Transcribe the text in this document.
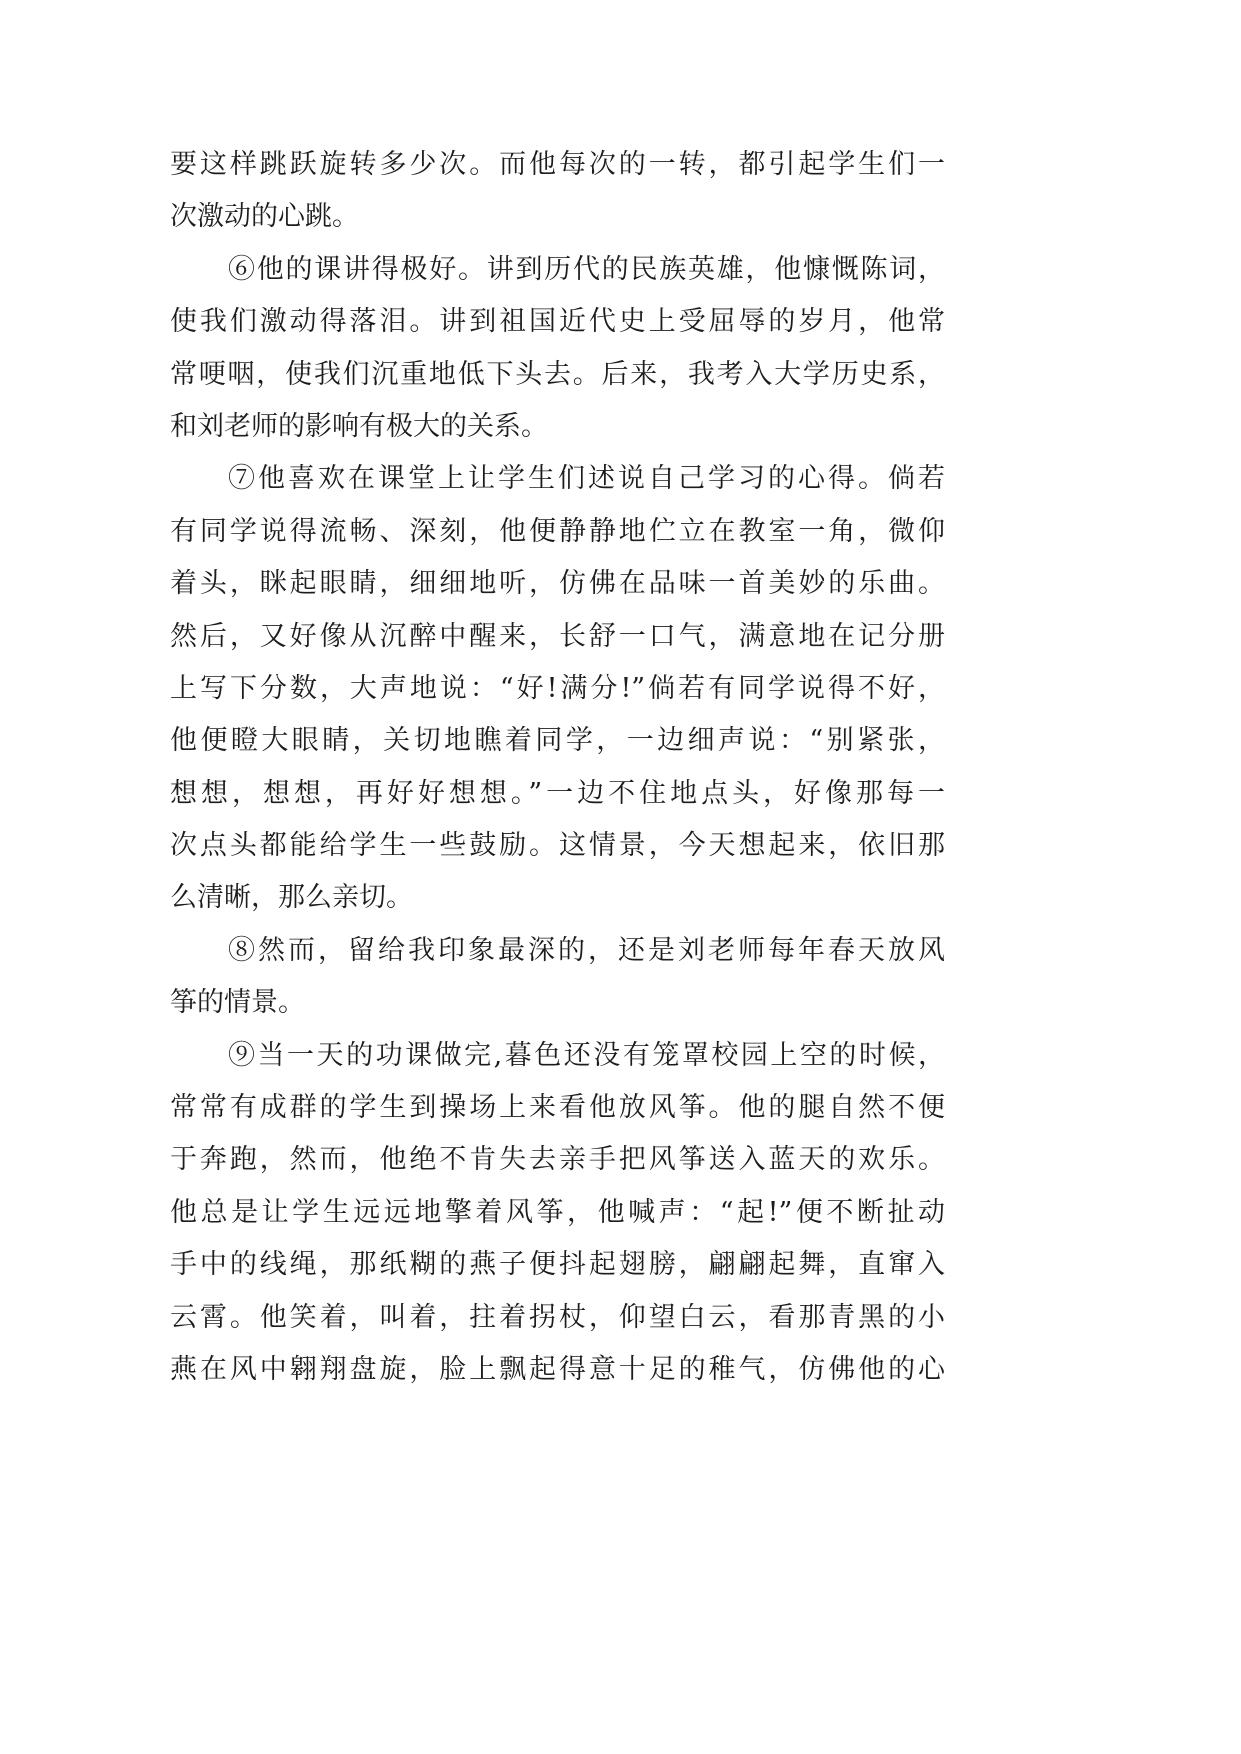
要这样跳跃旋转多少次。而他每次的一转，都引起学生们一
次激动的心跳。
⑥他的课讲得极好。讲到历代的民族英雄，他慷慨陈词，
使我们激动得落泪。讲到祖国近代史上受屈辱的岁月，他常
常哽咽，使我们沉重地低下头去。后来，我考入大学历史系，
和刘老师的影响有极大的关系。
⑦他喜欢在课堂上让学生们述说自己学习的心得。倘若
有同学说得流畅、深刻，他便静静地伫立在教室一角，微仰
着头，眯起眼睛，细细地听，仿佛在品味一首美妙的乐曲。
然后，又好像从沉醉中醒来，长舒一口气，满意地在记分册
上写下分数，大声地说：“好!满分!”倘若有同学说得不好，
他便瞪大眼睛，关切地瞧着同学，一边细声说：“别紧张，
想想，想想，再好好想想。”一边不住地点头，好像那每一
次点头都能给学生一些鼓励。这情景，今天想起来，依旧那
么清晰，那么亲切。
⑧然而，留给我印象最深的，还是刘老师每年春天放风
筝的情景。
⑨当一天的功课做完,暮色还没有笼罩校园上空的时候，
常常有成群的学生到操场上来看他放风筝。他的腿自然不便
于奔跑，然而，他绝不肯失去亲手把风筝送入蓝天的欢乐。
他总是让学生远远地擎着风筝，他喊声：“起!”便不断扯动
手中的线绳，那纸糊的燕子便抖起翅膀，翩翩起舞，直窜入
云霄。他笑着，叫着，拄着拐杖，仰望白云，看那青黑的小
燕在风中翱翔盘旋，脸上飘起得意十足的稚气，仿佛他的心
